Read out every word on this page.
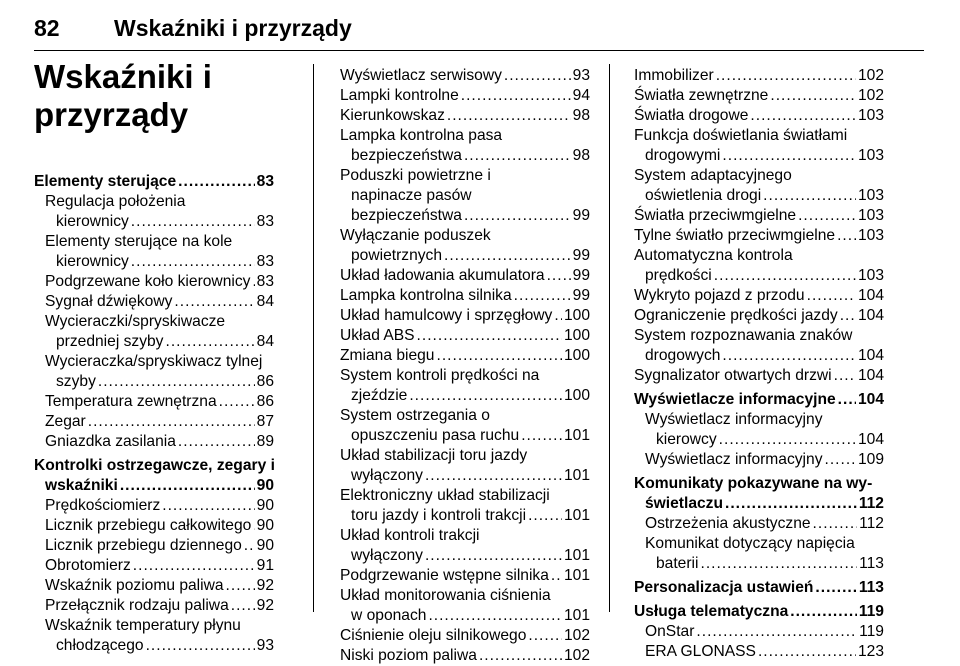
82 Wskaźniki i przyrządy
Wskaźniki i
przyrządy
Elementy sterujące .....	83
Regulacja położenia
kierownicy .....	83
Elementy sterujące na kole
kierownicy .....	83
Podgrzewane koło kierownicy ..... 83
Sygnał dźwiękowy .....	84
Wycieraczki/spryskiwacze
przedniej szyby .....	84
Wycieraczka/spryskiwacz tylnej
szyby .....	86
Temperatura zewnętrzna .....	86
Zegar .....	87
Gniazdka zasilania .....	89
Kontrolki ostrzegawcze, zegary i
wskaźniki .....	90
Prędkościomierz .....	90
Licznik przebiegu całkowitego ..... 90
Licznik przebiegu dziennego ..... 90
Obrotomierz .....	91
Wskaźnik poziomu paliwa ..... 92
Przełącznik rodzaju paliwa ..... 92
Wskaźnik temperatury płynu
chłodzącego .....	93
Wyświetlacz serwisowy .....	93
Lampki kontrolne .....	94
Kierunkowskaz .....	98
Lampka kontrolna pasa
bezpieczeństwa .....	98
Poduszki powietrzne i
napinacze pasów
bezpieczeństwa .....	99
Wyłączanie poduszek
powietrznych .....	99
Układ ładowania akumulatora ..... 99
Lampka kontrolna silnika .....	99
Układ hamulcowy i sprzęgłowy ..... 100
Układ ABS .....	100
Zmiana biegu .....	100
System kontroli prędkości na
zjeździe .....	100
System ostrzegania o
opuszczeniu pasa ruchu .....	101
Układ stabilizacji toru jazdy
wyłączony .....	101
Elektroniczny układ stabilizacji
toru jazdy i kontroli trakcji ..... 101
Układ kontroli trakcji
wyłączony .....	101
Podgrzewanie wstępne silnika ..... 101
Układ monitorowania ciśnienia
w oponach .....	101
Ciśnienie oleju silnikowego ..... 102
Niski poziom paliwa .....	102
Immobilizer .....	102
Światła zewnętrzne .....	102
Światła drogowe .....	103
Funkcja doświetlania światłami
drogowymi .....	103
System adaptacyjnego
oświetlenia drogi .....	103
Światła przeciwmgielne .....	103
Tylne światło przeciwmgielne ..... 103
Automatyczna kontrola
prędkości .....	103
Wykryto pojazd z przodu .....	104
Ograniczenie prędkości jazdy ..... 104
System rozpoznawania znaków
drogowych .....	104
Sygnalizator otwartych drzwi ..... 104
Wyświetlacze informacyjne ..... 104
Wyświetlacz informacyjny
kierowcy .....	104
Wyświetlacz informacyjny ..... 109
Komunikaty pokazywane na wy-
świetlaczu .....	112
Ostrzeżenia akustyczne .....	112
Komunikat dotyczący napięcia
baterii .....	113
Personalizacja ustawień .....	113
Usługa telematyczna .....	119
OnStar .....	119
ERA GLONASS .....	123
